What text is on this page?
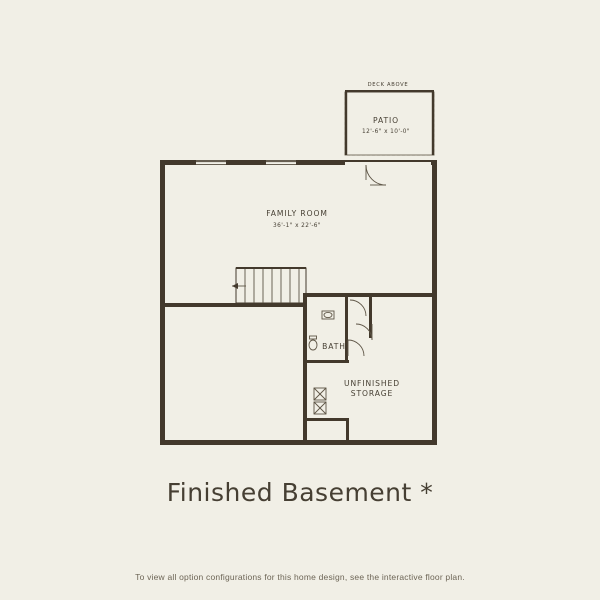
DECK ABOVE
PATIO
12'-6" x 10'-0"
FAMILY ROOM
36'-1" x 22'-6"
UNFINISHED
STORAGE
BATH
Finished Basement *
To view all option configurations for this home design, see the interactive floor plan.
